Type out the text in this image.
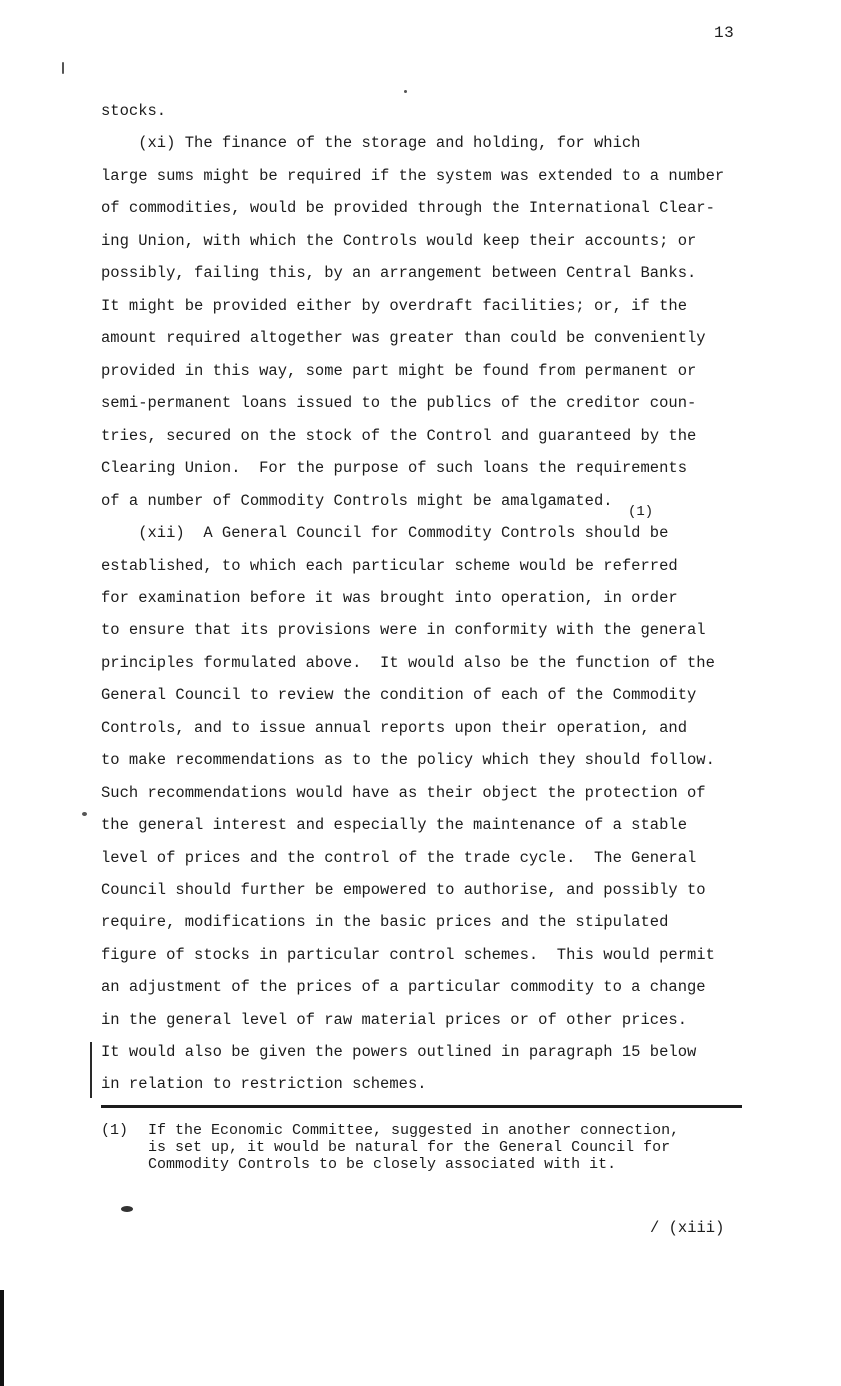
13
stocks.
(xi) The finance of the storage and holding, for which
large sums might be required if the system was extended to a number
of commodities, would be provided through the International Clear-
ing Union, with which the Controls would keep their accounts; or
possibly, failing this, by an arrangement between Central Banks.
It might be provided either by overdraft facilities; or, if the
amount required altogether was greater than could be conveniently
provided in this way, some part might be found from permanent or
semi-permanent loans issued to the publics of the creditor coun-
tries, secured on the stock of the Control and guaranteed by the
Clearing Union.  For the purpose of such loans the requirements
of a number of Commodity Controls might be amalgamated.
(xii)  A General Council for Commodity Controls should be
established, to which each particular scheme would be referred
for examination before it was brought into operation, in order
to ensure that its provisions were in conformity with the general
principles formulated above.  It would also be the function of the
General Council to review the condition of each of the Commodity
Controls, and to issue annual reports upon their operation, and
to make recommendations as to the policy which they should follow.
Such recommendations would have as their object the protection of
the general interest and especially the maintenance of a stable
level of prices and the control of the trade cycle.  The General
Council should further be empowered to authorise, and possibly to
require, modifications in the basic prices and the stipulated
figure of stocks in particular control schemes.  This would permit
an adjustment of the prices of a particular commodity to a change
in the general level of raw material prices or of other prices.
It would also be given the powers outlined in paragraph 15 below
in relation to restriction schemes.
(1)
(1) If the Economic Committee, suggested in another connection,
is set up, it would be natural for the General Council for
Commodity Controls to be closely associated with it.
/ (xiii)
